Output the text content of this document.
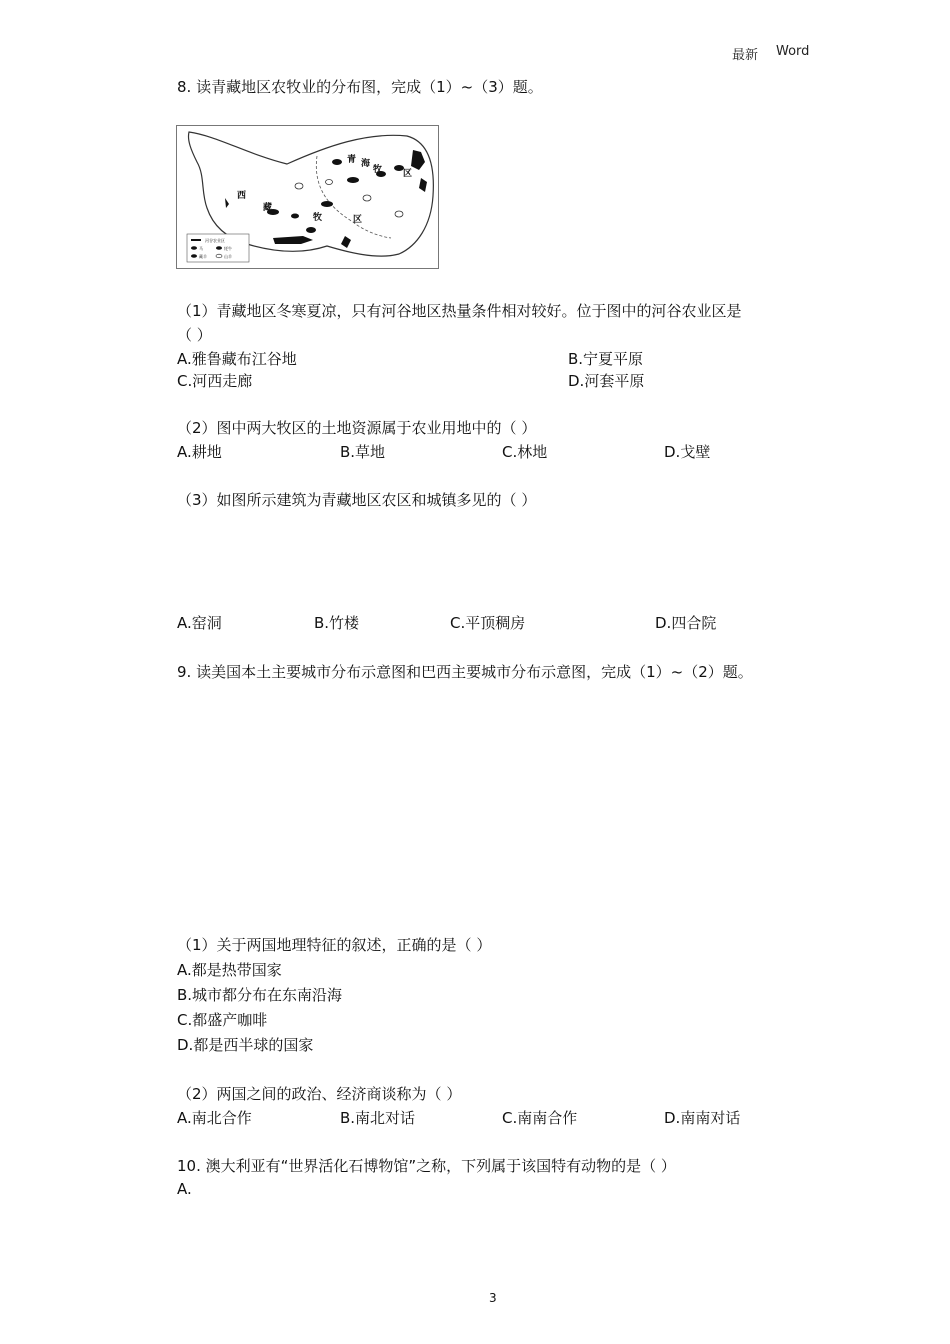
最新 Word
8. 读青藏地区农牧业的分布图，完成（1）~（3）题。
青 海
牧 区
西
藏
牧	区
河谷农业区
马	牦牛
藏羊	山羊
（1）青藏地区冬寒夏凉，只有河谷地区热量条件相对较好。位于图中的河谷农业区是
（ ）
A.雅鲁藏布江谷地	B.宁夏平原
C.河西走廊	D.河套平原
（2）图中两大牧区的土地资源属于农业用地中的（ ）
A.耕地	B.草地	C.林地	D.戈壁
（3）如图所示建筑为青藏地区农区和城镇多见的（ ）
A.窑洞	B.竹楼	C.平顶稠房	D.四合院
9. 读美国本土主要城市分布示意图和巴西主要城市分布示意图，完成（1）~（2）题。
（1）关于两国地理特征的叙述，正确的是（ ）
A.都是热带国家
B.城市都分布在东南沿海
C.都盛产咖啡
D.都是西半球的国家
（2）两国之间的政治、经济商谈称为（ ）
A.南北合作	B.南北对话	C.南南合作	D.南南对话
10. 澳大利亚有“世界活化石博物馆”之称，下列属于该国特有动物的是（ ）
A.
3
